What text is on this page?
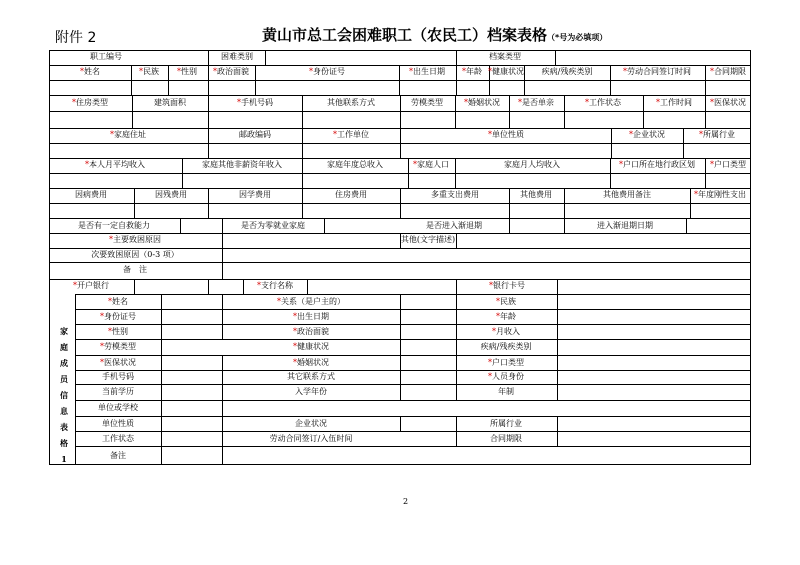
附件 2	黄山市总工会困难职工（农民工）档案表格（*号为必填项）
职工编号	困难类别	档案类型
*姓名	*民族 *性别 *政治面貌	*身份证号	*出生日期 *年龄 *健康状况 疾病/残疾类别	*劳动合同签订时间 *合同期限
*住房类型	建筑面积	*手机号码	其他联系方式	劳模类型	*婚姻状况 *是否单亲	*工作状态	*工作时间 *医保状况
*家庭住址	邮政编码	*工作单位	*单位性质	*企业状况	*所属行业
*本人月平均收入	家庭其他非薪资年收入	家庭年度总收入	*家庭人口	家庭月人均收入	*户口所在地行政区划 *户口类型
因病费用	因残费用	因学费用	住房费用	多重支出费用	其他费用	其他费用备注	*年度刚性支出
是否有一定自救能力	是否为零就业家庭	是否进入渐退期	进入渐退期日期
*主要致困原因	其他(文字描述)
次要致困原因（0-3 项）
备　注
*开户银行	*支行名称	*银行卡号
*姓名	*关系（是户主的）	*民族
*身份证号	*出生日期	*年龄
*性别	*政治面貌	*月收入
*劳模类型	*健康状况	疾病/残疾类别
*医保状况	*婚姻状况	*户口类型
手机号码	其它联系方式	*人员身份
当前学历	入学年份	年制
单位或学校
单位性质	企业状况	所属行业
工作状态	劳动合同签订/入伍时间	合同期限
备注
家
庭
成
员
信
息
表
格
1
2
